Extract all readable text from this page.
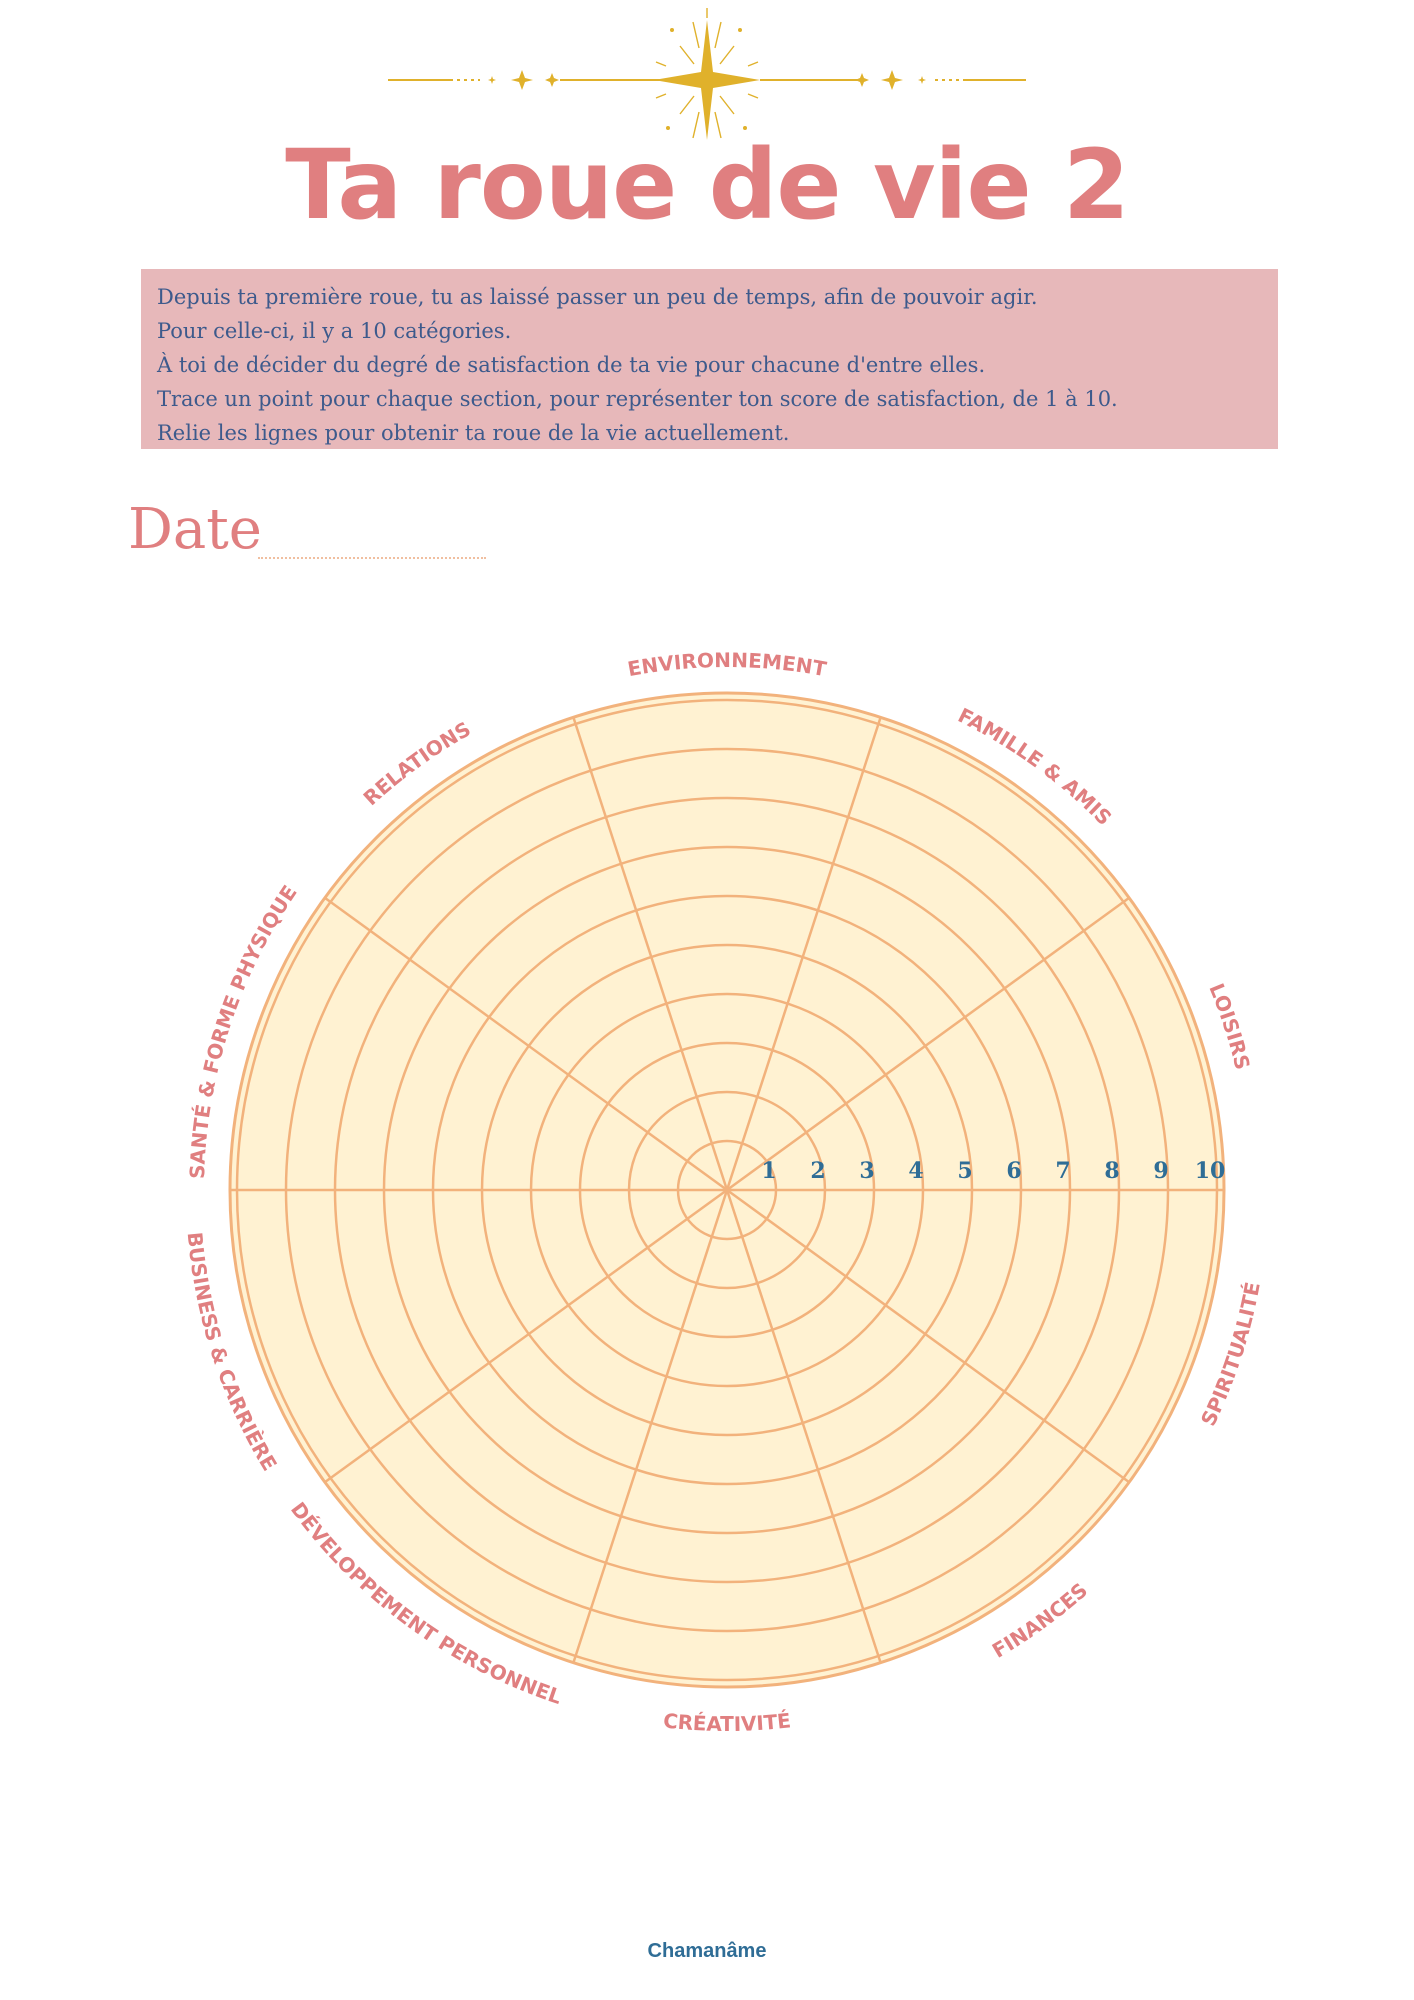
Ta roue de vie 2

Depuis ta première roue, tu as laissé passer un peu de temps, afin de pouvoir agir.

Pour celle-ci, il y a 10 catégories.

À toi de décider du degré de satisfaction de ta vie pour chacune d'entre elles.

Trace un point pour chaque section, pour représenter ton score de satisfaction, de 1 à 10.

Relie les lignes pour obtenir ta roue de la vie actuellement.

Date
1 2 3 4 5 6 7 8 9 10
ENVIRONNEMENT
FAMILLE & AMIS
LOISIRS
SPIRITUALITÉ
FINANCES
CRÉATIVITÉ
DÉVELOPPEMENT PERSONNEL
BUSINESS & CARRIÈRE
SANTÉ & FORME PHYSIQUE
RELATIONS
Chamanâme
